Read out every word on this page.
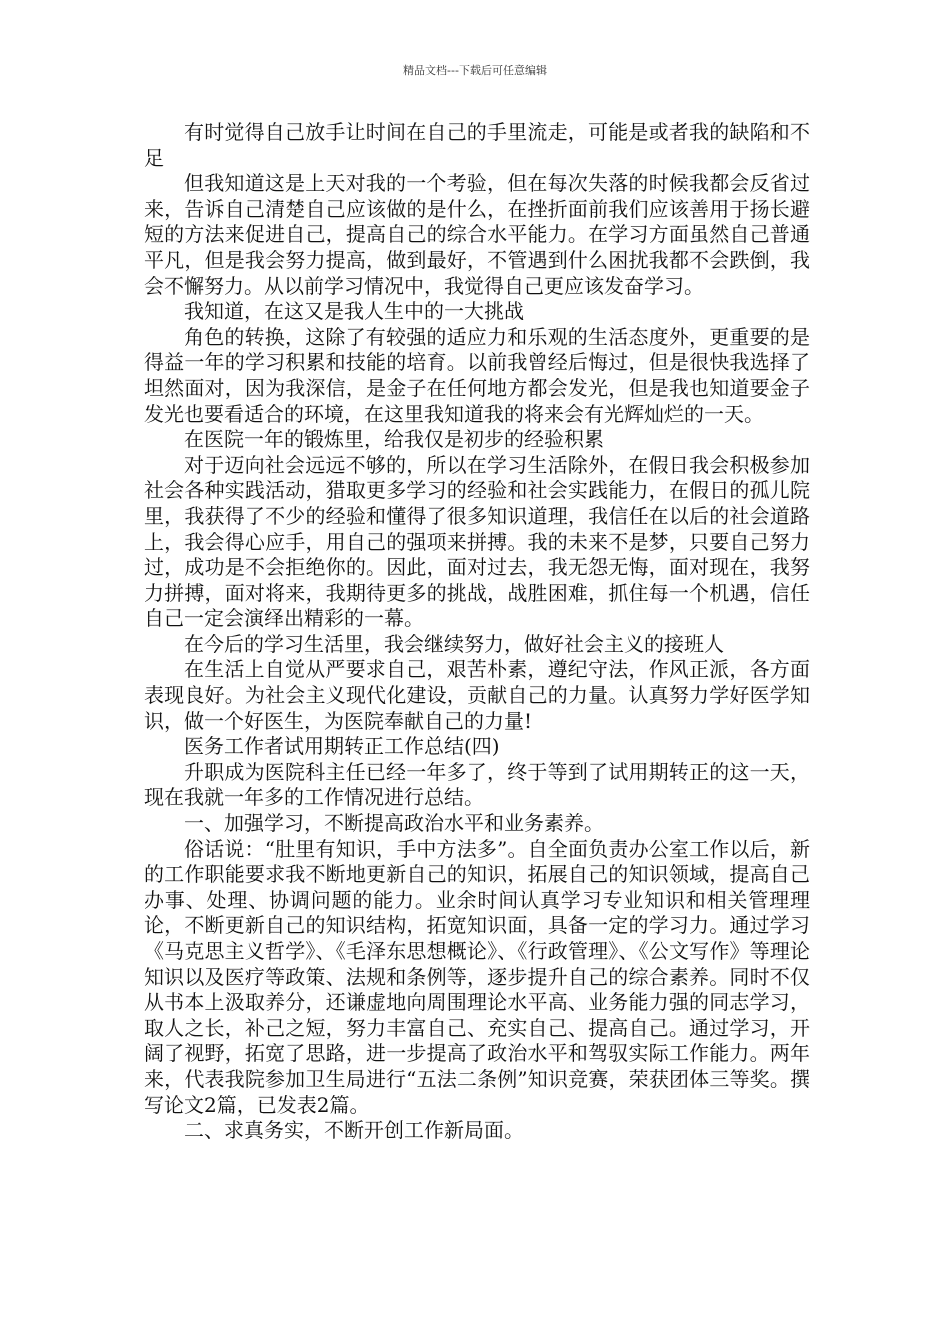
精品文档---下载后可任意编辑

有时觉得自己放手让时间在自己的手里流走，可能是或者我的缺陷和不足

但我知道这是上天对我的一个考验，但在每次失落的时候我都会反省过来，告诉自己清楚自己应该做的是什么，在挫折面前我们应该善用于扬长避短的方法来促进自己，提高自己的综合水平能力。在学习方面虽然自己普通平凡，但是我会努力提高，做到最好，不管遇到什么困扰我都不会跌倒，我会不懈努力。从以前学习情况中，我觉得自己更应该发奋学习。

我知道，在这又是我人生中的一大挑战

角色的转换，这除了有较强的适应力和乐观的生活态度外，更重要的是得益一年的学习积累和技能的培育。以前我曾经后悔过，但是很快我选择了坦然面对，因为我深信，是金子在任何地方都会发光，但是我也知道要金子发光也要看适合的环境，在这里我知道我的将来会有光辉灿烂的一天。

在医院一年的锻炼里，给我仅是初步的经验积累

对于迈向社会远远不够的，所以在学习生活除外，在假日我会积极参加社会各种实践活动，猎取更多学习的经验和社会实践能力，在假日的孤儿院里，我获得了不少的经验和懂得了很多知识道理，我信任在以后的社会道路上，我会得心应手，用自己的强项来拼搏。我的未来不是梦，只要自己努力过，成功是不会拒绝你的。因此，面对过去，我无怨无悔，面对现在，我努力拼搏，面对将来，我期待更多的挑战，战胜困难，抓住每一个机遇，信任自己一定会演绎出精彩的一幕。

在今后的学习生活里，我会继续努力，做好社会主义的接班人

在生活上自觉从严要求自己，艰苦朴素，遵纪守法，作风正派，各方面表现良好。为社会主义现代化建设，贡献自己的力量。认真努力学好医学知识，做一个好医生，为医院奉献自己的力量!

医务工作者试用期转正工作总结(四)

升职成为医院科主任已经一年多了，终于等到了试用期转正的这一天，现在我就一年多的工作情况进行总结。

一、加强学习，不断提高政治水平和业务素养。

俗话说：“肚里有知识，手中方法多”。自全面负责办公室工作以后，新的工作职能要求我不断地更新自己的知识，拓展自己的知识领域，提高自己办事、处理、协调问题的能力。业余时间认真学习专业知识和相关管理理论，不断更新自己的知识结构，拓宽知识面，具备一定的学习力。通过学习《马克思主义哲学》、《毛泽东思想概论》、《行政管理》、《公文写作》等理论知识以及医疗等政策、法规和条例等，逐步提升自己的综合素养。同时不仅从书本上汲取养分，还谦虚地向周围理论水平高、业务能力强的同志学习，取人之长，补己之短，努力丰富自己、充实自己、提高自己。通过学习，开阔了视野，拓宽了思路，进一步提高了政治水平和驾驭实际工作能力。两年来，代表我院参加卫生局进行“五法二条例”知识竞赛，荣获团体三等奖。撰写论文2篇，已发表2篇。

二、求真务实，不断开创工作新局面。
